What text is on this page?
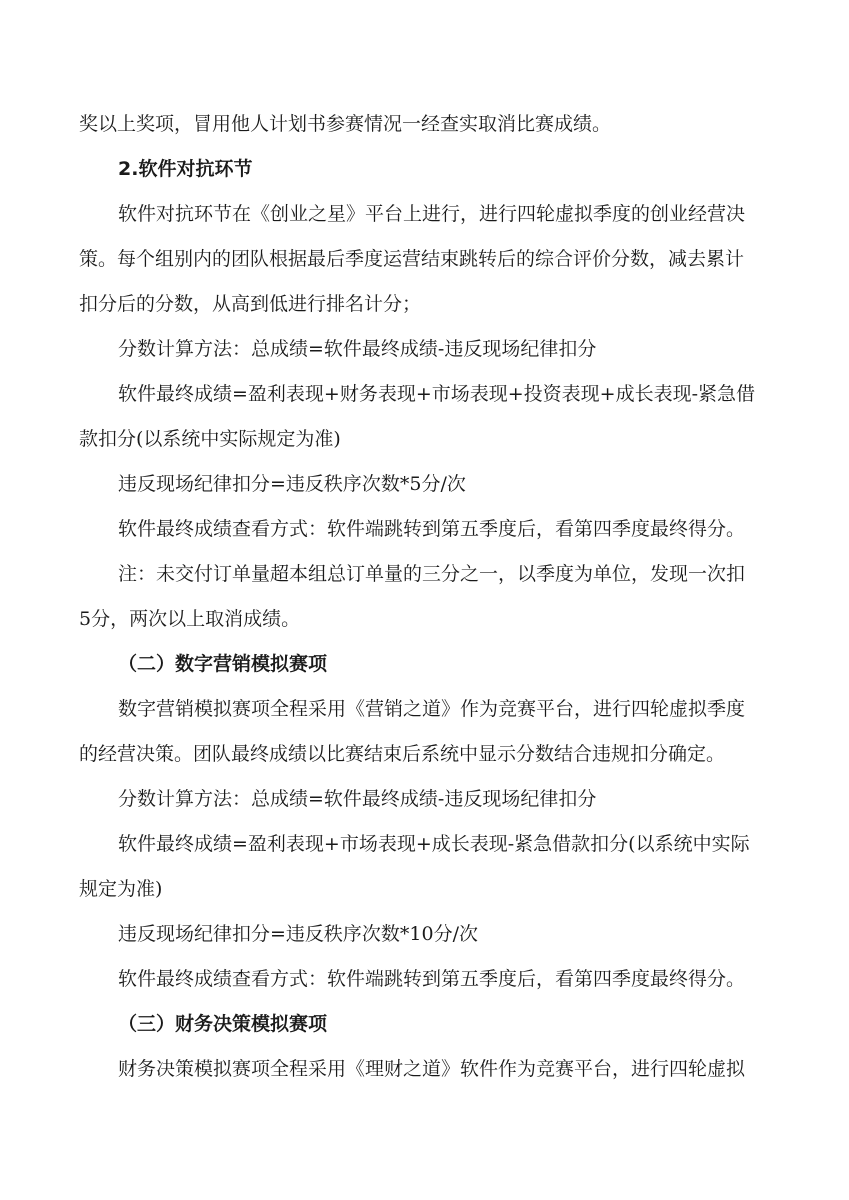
奖以上奖项，冒用他人计划书参赛情况一经查实取消比赛成绩。
2.软件对抗环节
软件对抗环节在《创业之星》平台上进行，进行四轮虚拟季度的创业经营决
策。每个组别内的团队根据最后季度运营结束跳转后的综合评价分数，减去累计
扣分后的分数，从高到低进行排名计分；
分数计算方法：总成绩=软件最终成绩-违反现场纪律扣分
软件最终成绩=盈利表现+财务表现+市场表现+投资表现+成长表现-紧急借
款扣分(以系统中实际规定为准)
违反现场纪律扣分=违反秩序次数*5分/次
软件最终成绩查看方式：软件端跳转到第五季度后，看第四季度最终得分。
注：未交付订单量超本组总订单量的三分之一，以季度为单位，发现一次扣
5分，两次以上取消成绩。
（二）数字营销模拟赛项
数字营销模拟赛项全程采用《营销之道》作为竞赛平台，进行四轮虚拟季度
的经营决策。团队最终成绩以比赛结束后系统中显示分数结合违规扣分确定。
分数计算方法：总成绩=软件最终成绩-违反现场纪律扣分
软件最终成绩=盈利表现+市场表现+成长表现-紧急借款扣分(以系统中实际
规定为准)
违反现场纪律扣分=违反秩序次数*10分/次
软件最终成绩查看方式：软件端跳转到第五季度后，看第四季度最终得分。
（三）财务决策模拟赛项
财务决策模拟赛项全程采用《理财之道》软件作为竞赛平台，进行四轮虚拟
